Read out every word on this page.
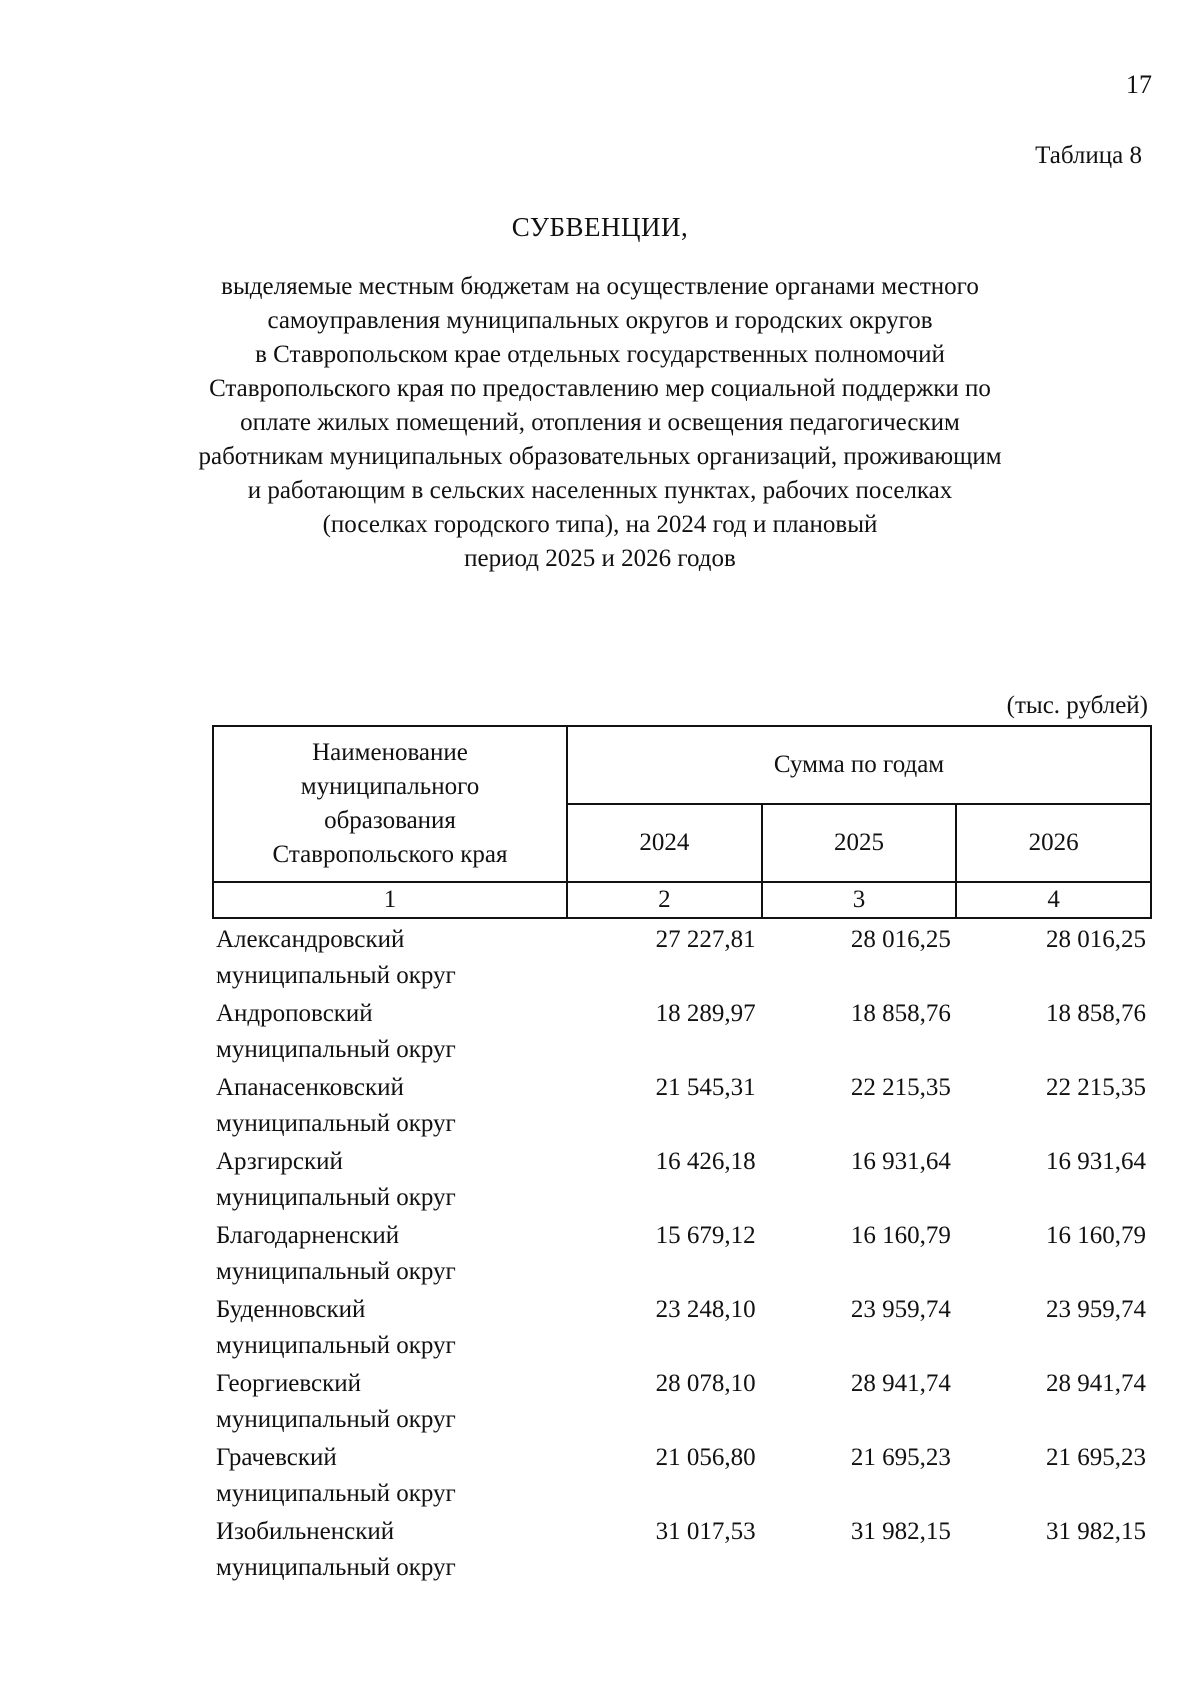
17
Таблица 8
СУБВЕНЦИИ,
выделяемые местным бюджетам на осуществление органами местного
самоуправления муниципальных округов и городских округов
в Ставропольском крае отдельных государственных полномочий
Ставропольского края по предоставлению мер социальной поддержки по
оплате жилых помещений, отопления и освещения педагогическим
работникам муниципальных образовательных организаций, проживающим
и работающим в сельских населенных пунктах, рабочих поселках
(поселках городского типа), на 2024 год и плановый
период 2025 и 2026 годов
(тыс. рублей)
Наименование
муниципального
образования
Ставропольского края	Сумма по годам		
	2024	2025	2026
1	2	3	4
Александровский
муниципальный округ
27 227,81	28 016,25	28 016,25
Андроповский
муниципальный округ
18 289,97	18 858,76	18 858,76
Апанасенковский
муниципальный округ
21 545,31	22 215,35	22 215,35
Арзгирский
муниципальный округ
16 426,18	16 931,64	16 931,64
Благодарненский
муниципальный округ
15 679,12	16 160,79	16 160,79
Буденновский
муниципальный округ
23 248,10	23 959,74	23 959,74
Георгиевский
муниципальный округ
28 078,10	28 941,74	28 941,74
Грачевский
муниципальный округ
21 056,80	21 695,23	21 695,23
Изобильненский
муниципальный округ
31 017,53	31 982,15	31 982,15
